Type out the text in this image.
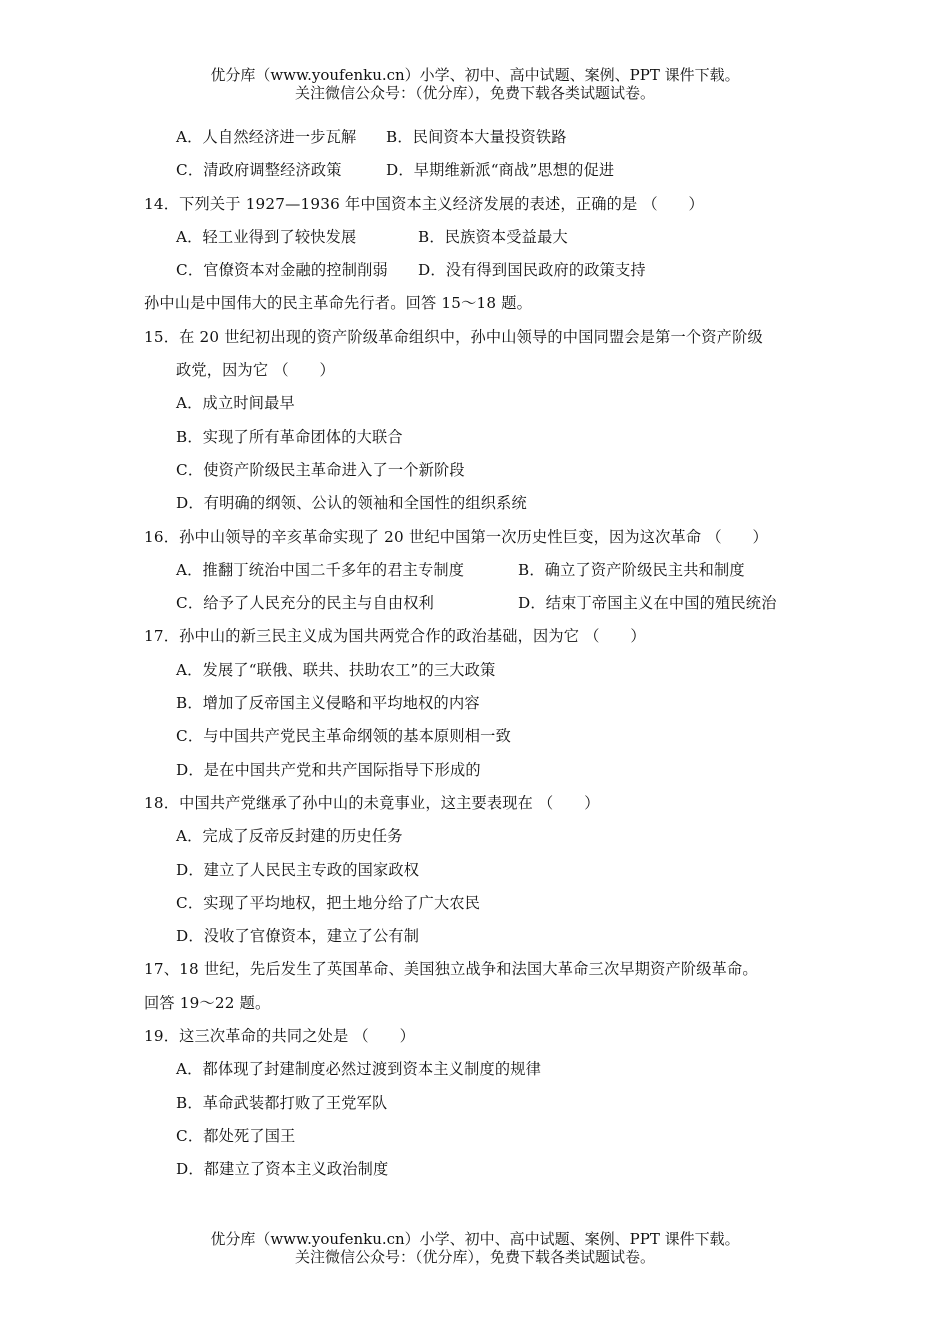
优分库（www.youfenku.cn）小学、初中、高中试题、案例、PPT 课件下载。
关注微信公众号：（优分库），免费下载各类试题试卷。
A．人自然经济进一步瓦解 B．民间资本大量投资铁路
C．清政府调整经济政策	D．早期维新派“商战”思想的促进
14．下列关于 1927—1936 年中国资本主义经济发展的表述，正确的是 （　　）
A．轻工业得到了较快发展	B．民族资本受益最大
C．官僚资本对金融的控制削弱 D．没有得到国民政府的政策支持
孙中山是中国伟大的民主革命先行者。回答 15～18 题。
15．在 20 世纪初出现的资产阶级革命组织中，孙中山领导的中国同盟会是第一个资产阶级
政党，因为它 （　　）
A．成立时间最早
B．实现了所有革命团体的大联合
C．使资产阶级民主革命进入了一个新阶段
D．有明确的纲领、公认的领袖和全国性的组织系统
16．孙中山领导的辛亥革命实现了 20 世纪中国第一次历史性巨变，因为这次革命 （　　）
A．推翻丁统治中国二千多年的君主专制度	B．确立了资产阶级民主共和制度
C．给予了人民充分的民主与自由权利	D．结束丁帝国主义在中国的殖民统治
17．孙中山的新三民主义成为国共两党合作的政治基础，因为它 （　　）
A．发展了“联俄、联共、扶助农工”的三大政策
B．增加了反帝国主义侵略和平均地权的内容
C．与中国共产党民主革命纲领的基本原则相一致
D．是在中国共产党和共产国际指导下形成的
18．中国共产党继承了孙中山的未竟事业，这主要表现在 （　　）
A．完成了反帝反封建的历史任务
D．建立了人民民主专政的国家政权
C．实现了平均地权，把土地分给了广大农民
D．没收了官僚资本，建立了公有制
17、18 世纪，先后发生了英国革命、美国独立战争和法国大革命三次早期资产阶级革命。
回答 19～22 题。
19．这三次革命的共同之处是 （　　）
A．都体现了封建制度必然过渡到资本主义制度的规律
B．革命武装都打败了王党军队
C．都处死了国王
D．都建立了资本主义政治制度
优分库（www.youfenku.cn）小学、初中、高中试题、案例、PPT 课件下载。
关注微信公众号：（优分库），免费下载各类试题试卷。
